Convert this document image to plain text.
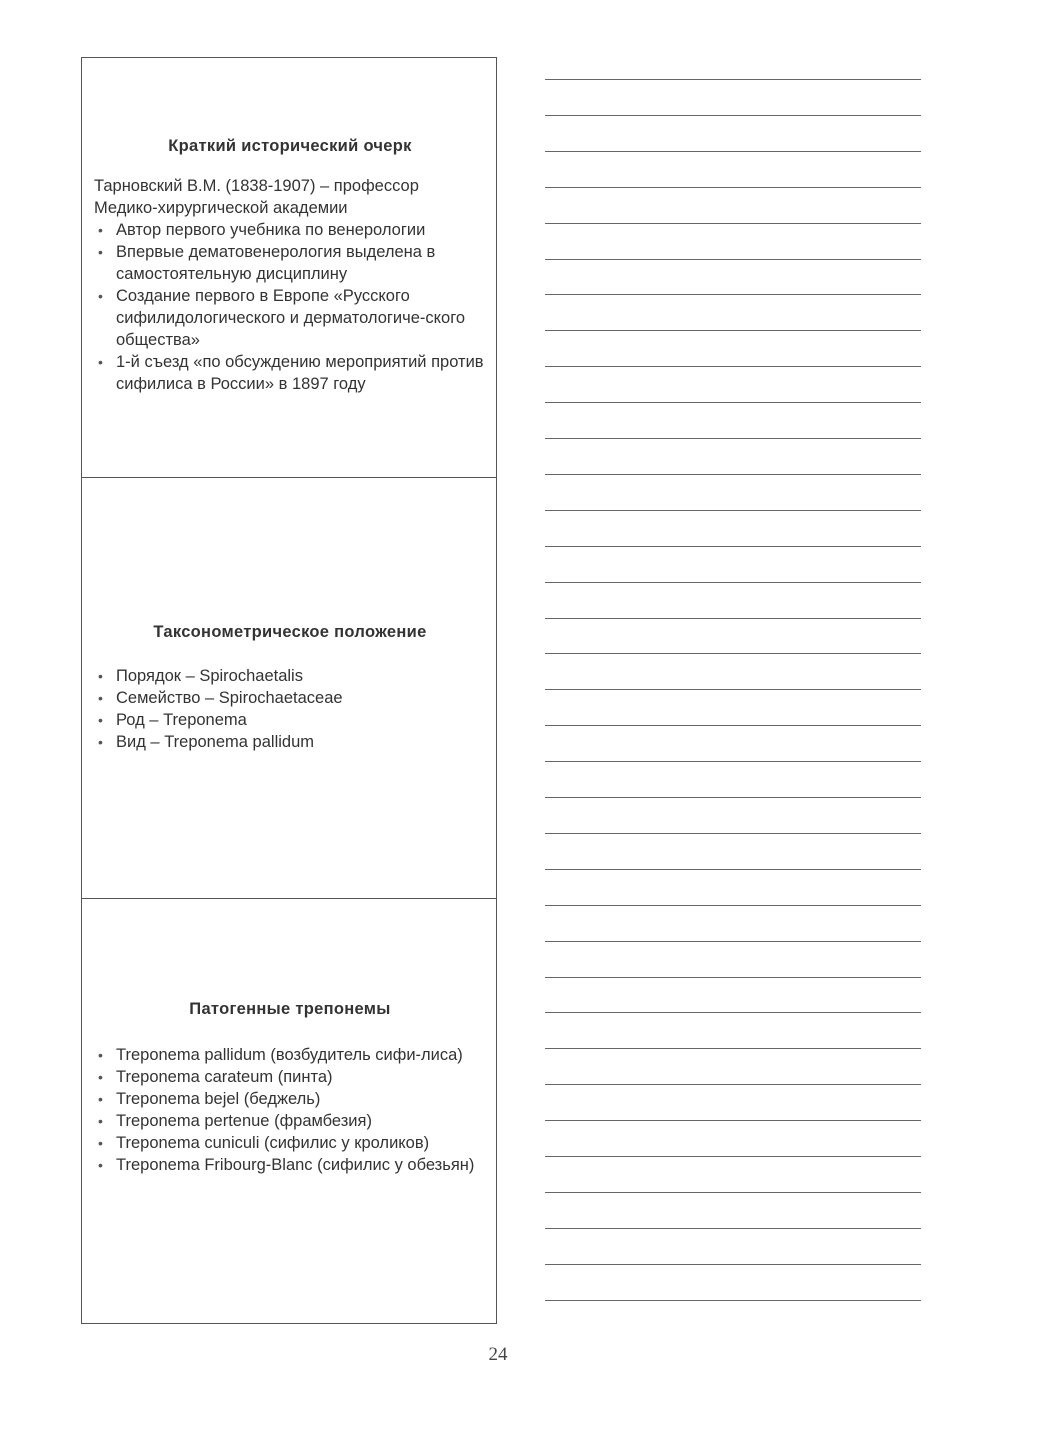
Краткий исторический очерк

Тарновский В.М. (1838-1907) – профессор Медико-хирургической академии

• Автор первого учебника по венерологии
• Впервые дематовенерология выделена в самостоятельную дисциплину
• Создание первого в Европе «Русского сифилидологического и дерматологиче-ского общества»
• 1-й съезд «по обсуждению мероприятий против сифилиса в России» в 1897 году
Таксонометрическое положение
• Порядок – Spirochaetalis
• Семейство – Spirochaetaceae
• Род – Treponema
• Вид – Treponema pallidum
Патогенные трепонемы
• Treponema pallidum (возбудитель сифи-лиса)
• Treponema carateum (пинта)
• Treponema bejel (беджель)
• Treponema pertenue (фрамбезия)
• Treponema cuniculi (сифилис у кроликов)
• Treponema Fribourg-Blanc (сифилис у обезьян)
24
